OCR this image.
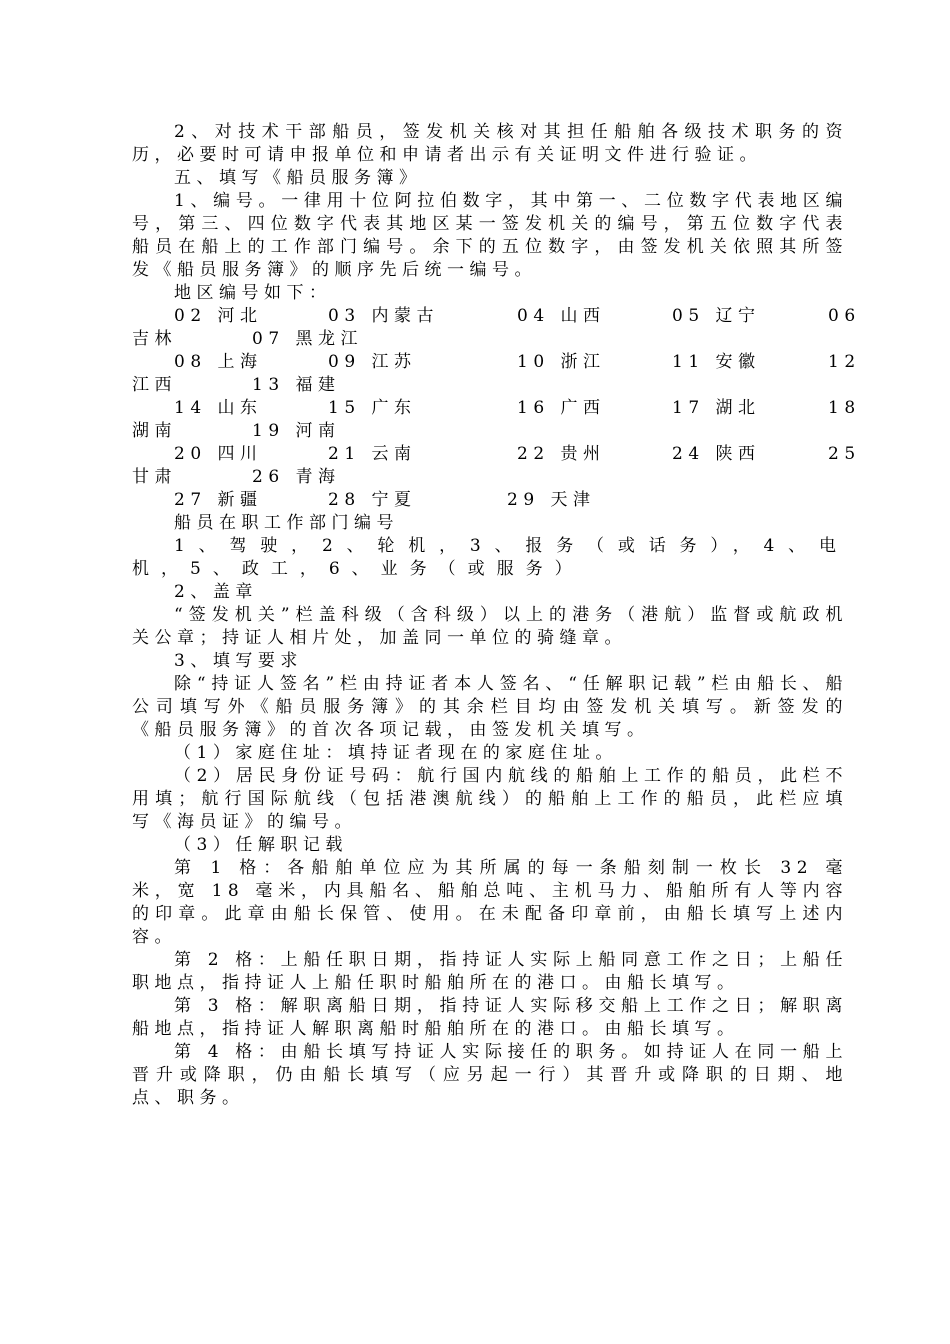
2、对技术干部船员，签发机关核对其担任船舶各级技术职务的资历，必要时可请申报单位和申请者出示有关证明文件进行验证。

五、填写《船员服务簿》

1、编号。一律用十位阿拉伯数字，其中第一、二位数字代表地区编号，第三、四位数字代表其地区某一签发机关的编号，第五位数字代表船员在船上的工作部门编号。余下的五位数字，由签发机关依照其所签发《船员服务簿》的顺序先后统一编号。

地区编号如下：

02 河北	03 内蒙古	04 山西	05 辽宁	06
吉林	07 黑龙江
08 上海	09 江苏	10 浙江	11 安徽	12
江西	13 福建
14 山东	15 广东	16 广西	17 湖北	18
湖南	19 河南
20 四川	21 云南	22 贵州	24 陕西	25
甘肃	26 青海
27 新疆	28 宁夏	29 天津

船员在职工作部门编号

1、驾驶，2、轮机，3、报务（或话务），4、电机，5、政工，6、业务（或服务）

2、盖章

“签发机关”栏盖科级（含科级）以上的港务（港航）监督或航政机关公章；持证人相片处，加盖同一单位的骑缝章。

3、填写要求

除“持证人签名”栏由持证者本人签名、“任解职记载”栏由船长、船公司填写外《船员服务簿》的其余栏目均由签发机关填写。新签发的《船员服务簿》的首次各项记载，由签发机关填写。

（1）家庭住址：填持证者现在的家庭住址。

（2）居民身份证号码：航行国内航线的船舶上工作的船员，此栏不用填；航行国际航线（包括港澳航线）的船舶上工作的船员，此栏应填写《海员证》的编号。

（3）任解职记载

第 1 格：各船舶单位应为其所属的每一条船刻制一枚长 32 毫米，宽 18 毫米，内具船名、船舶总吨、主机马力、船舶所有人等内容的印章。此章由船长保管、使用。在未配备印章前，由船长填写上述内容。

第 2 格：上船任职日期，指持证人实际上船同意工作之日；上船任职地点，指持证人上船任职时船舶所在的港口。由船长填写。

第 3 格：解职离船日期，指持证人实际移交船上工作之日；解职离船地点，指持证人解职离船时船舶所在的港口。由船长填写。

第 4 格：由船长填写持证人实际接任的职务。如持证人在同一船上晋升或降职，仍由船长填写（应另起一行）其晋升或降职的日期、地点、职务。
